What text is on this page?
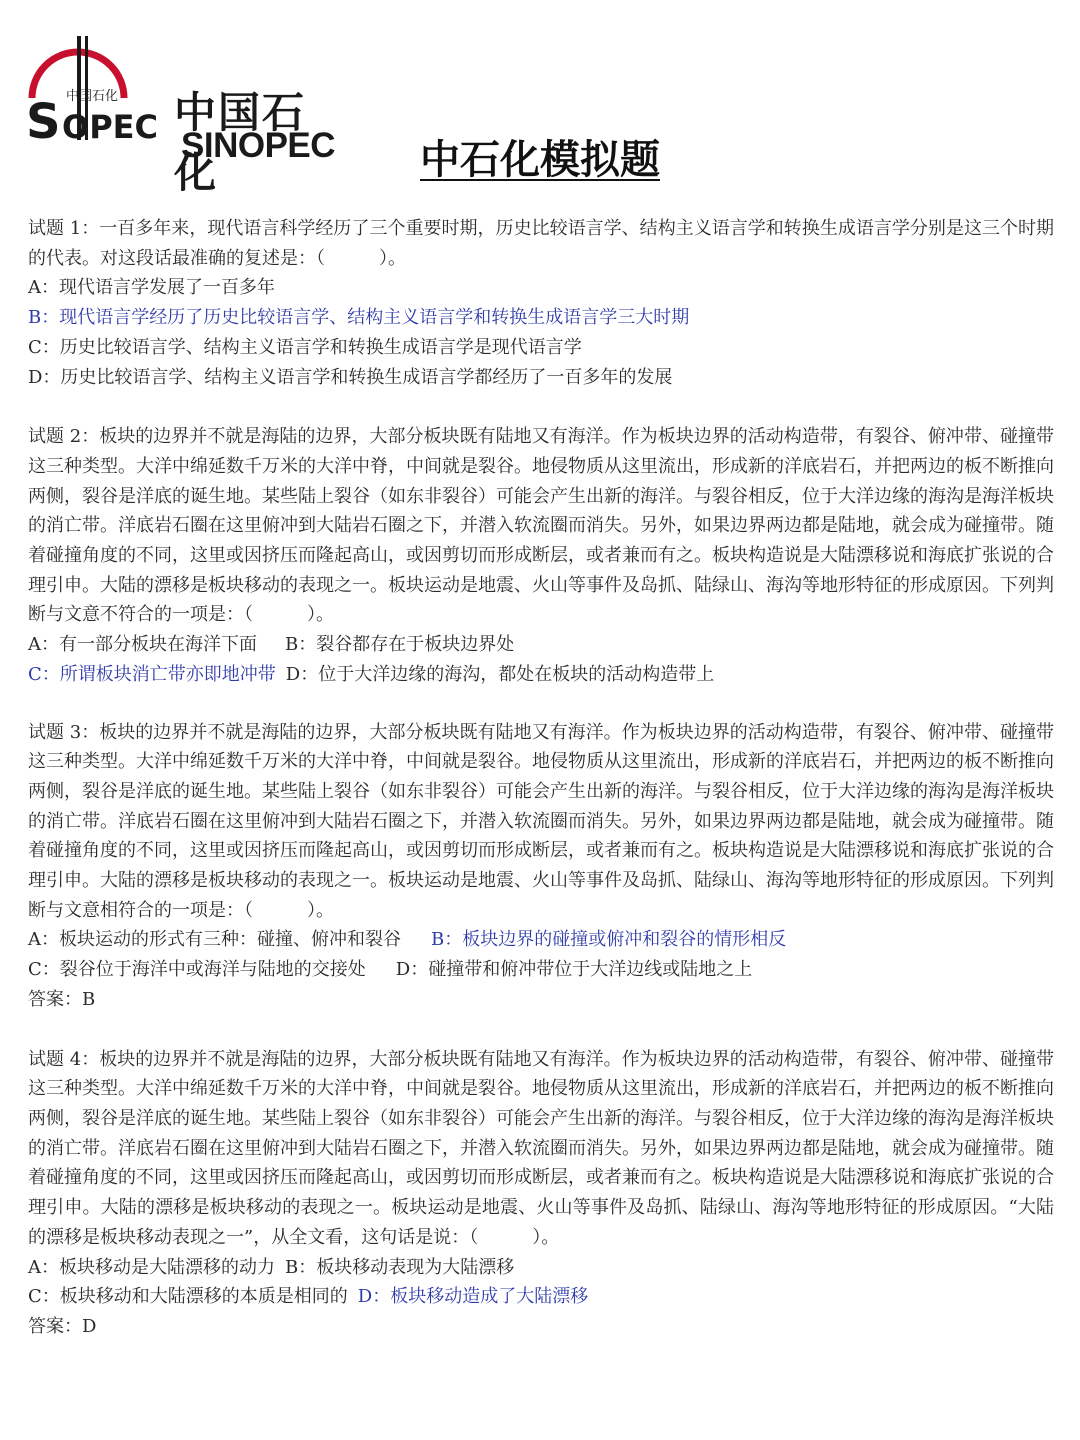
中国石化
S OPEC 中国石化
SINOPEC	中石化模拟题
试题 1：一百多年来，现代语言科学经历了三个重要时期，历史比较语言学、结构主义语言学和转换生成语言学分别是这三个时期的代表。对这段话最准确的复述是：（　　　）。
A：现代语言学发展了一百多年
B：现代语言学经历了历史比较语言学、结构主义语言学和转换生成语言学三大时期
C：历史比较语言学、结构主义语言学和转换生成语言学是现代语言学
D：历史比较语言学、结构主义语言学和转换生成语言学都经历了一百多年的发展
试题 2：板块的边界并不就是海陆的边界，大部分板块既有陆地又有海洋。作为板块边界的活动构造带，有裂谷、俯冲带、碰撞带这三种类型。大洋中绵延数千万米的大洋中脊，中间就是裂谷。地侵物质从这里流出，形成新的洋底岩石，并把两边的板不断推向两侧，裂谷是洋底的诞生地。某些陆上裂谷（如东非裂谷）可能会产生出新的海洋。与裂谷相反，位于大洋边缘的海沟是海洋板块的消亡带。洋底岩石圈在这里俯冲到大陆岩石圈之下，并潜入软流圈而消失。另外，如果边界两边都是陆地，就会成为碰撞带。随着碰撞角度的不同，这里或因挤压而隆起高山，或因剪切而形成断层，或者兼而有之。板块构造说是大陆漂移说和海底扩张说的合理引申。大陆的漂移是板块移动的表现之一。板块运动是地震、火山等事件及岛抓、陆绿山、海沟等地形特征的形成原因。下列判断与文意不符合的一项是：（　　　）。
A：有一部分板块在海洋下面 B：裂谷都存在于板块边界处
C：所谓板块消亡带亦即地冲带 D：位于大洋边缘的海沟，都处在板块的活动构造带上
试题 3：板块的边界并不就是海陆的边界，大部分板块既有陆地又有海洋。作为板块边界的活动构造带，有裂谷、俯冲带、碰撞带这三种类型。大洋中绵延数千万米的大洋中脊，中间就是裂谷。地侵物质从这里流出，形成新的洋底岩石，并把两边的板不断推向两侧，裂谷是洋底的诞生地。某些陆上裂谷（如东非裂谷）可能会产生出新的海洋。与裂谷相反，位于大洋边缘的海沟是海洋板块的消亡带。洋底岩石圈在这里俯冲到大陆岩石圈之下，并潜入软流圈而消失。另外，如果边界两边都是陆地，就会成为碰撞带。随着碰撞角度的不同，这里或因挤压而隆起高山，或因剪切而形成断层，或者兼而有之。板块构造说是大陆漂移说和海底扩张说的合理引申。大陆的漂移是板块移动的表现之一。板块运动是地震、火山等事件及岛抓、陆绿山、海沟等地形特征的形成原因。下列判断与文意相符合的一项是：（　　　）。
A：板块运动的形式有三种：碰撞、俯冲和裂谷 B：板块边界的碰撞或俯冲和裂谷的情形相反
C：裂谷位于海洋中或海洋与陆地的交接处 D：碰撞带和俯冲带位于大洋边线或陆地之上
答案：B
试题 4：板块的边界并不就是海陆的边界，大部分板块既有陆地又有海洋。作为板块边界的活动构造带，有裂谷、俯冲带、碰撞带这三种类型。大洋中绵延数千万米的大洋中脊，中间就是裂谷。地侵物质从这里流出，形成新的洋底岩石，并把两边的板不断推向两侧，裂谷是洋底的诞生地。某些陆上裂谷（如东非裂谷）可能会产生出新的海洋。与裂谷相反，位于大洋边缘的海沟是海洋板块的消亡带。洋底岩石圈在这里俯冲到大陆岩石圈之下，并潜入软流圈而消失。另外，如果边界两边都是陆地，就会成为碰撞带。随着碰撞角度的不同，这里或因挤压而隆起高山，或因剪切而形成断层，或者兼而有之。板块构造说是大陆漂移说和海底扩张说的合理引申。大陆的漂移是板块移动的表现之一。板块运动是地震、火山等事件及岛抓、陆绿山、海沟等地形特征的形成原因。“大陆的漂移是板块移动表现之一”，从全文看，这句话是说：（　　　）。
A：板块移动是大陆漂移的动力 B：板块移动表现为大陆漂移
C：板块移动和大陆漂移的本质是相同的 D：板块移动造成了大陆漂移
答案：D
